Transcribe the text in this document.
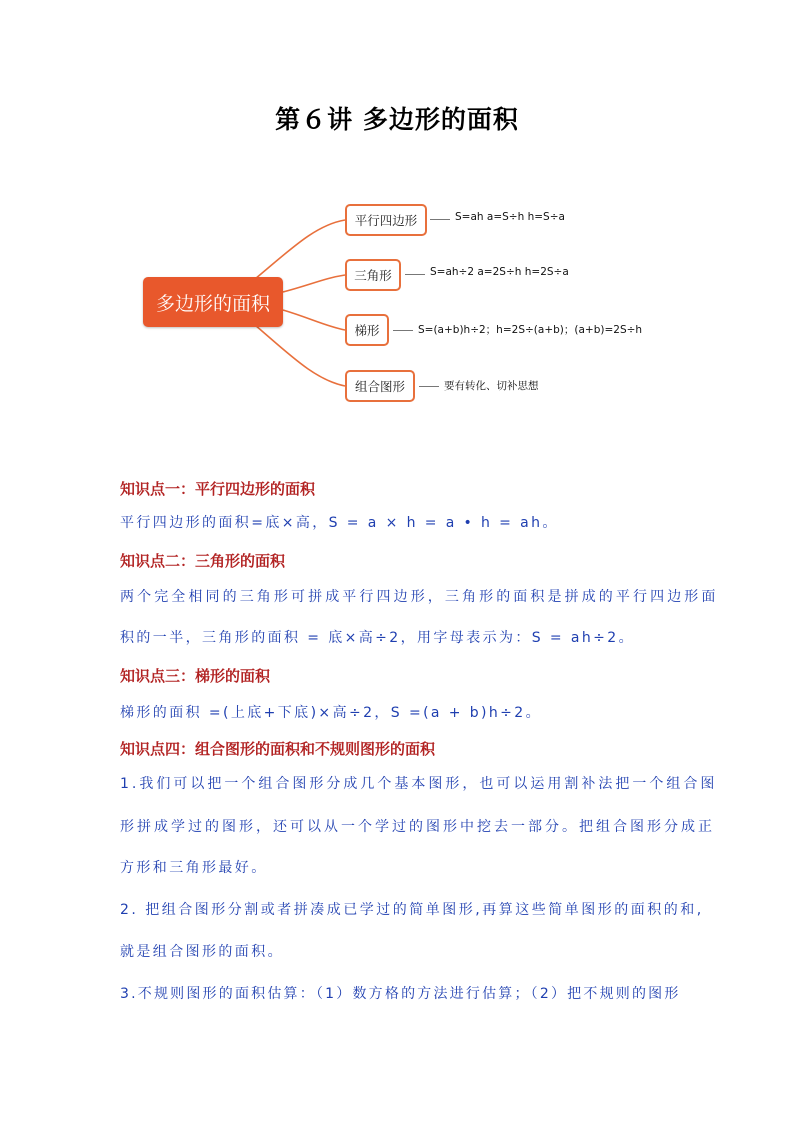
第６讲 多边形的面积
多边形的面积
平行四边形	S=ah a=S÷h h=S÷a
三角形	S=ah÷2 a=2S÷h h=2S÷a
梯形	S=(a+b)h÷2；h=2S÷(a+b)；(a+b)=2S÷h
组合图形	要有转化、切补思想
知识点一：平行四边形的面积
平行四边形的面积=底×高，S = a × h = a • h = ah。
知识点二：三角形的面积
两个完全相同的三角形可拼成平行四边形，三角形的面积是拼成的平行四边形面
积的一半，三角形的面积 = 底×高÷2，用字母表示为：S = ah÷2。
知识点三：梯形的面积
梯形的面积 =(上底+下底)×高÷2，S =(a + b)h÷2。
知识点四：组合图形的面积和不规则图形的面积
1.我们可以把一个组合图形分成几个基本图形，也可以运用割补法把一个组合图
形拼成学过的图形，还可以从一个学过的图形中挖去一部分。把组合图形分成正
方形和三角形最好。
2. 把组合图形分割或者拼凑成已学过的简单图形,再算这些简单图形的面积的和,
就是组合图形的面积。
3.不规则图形的面积估算：（1）数方格的方法进行估算；（2）把不规则的图形
